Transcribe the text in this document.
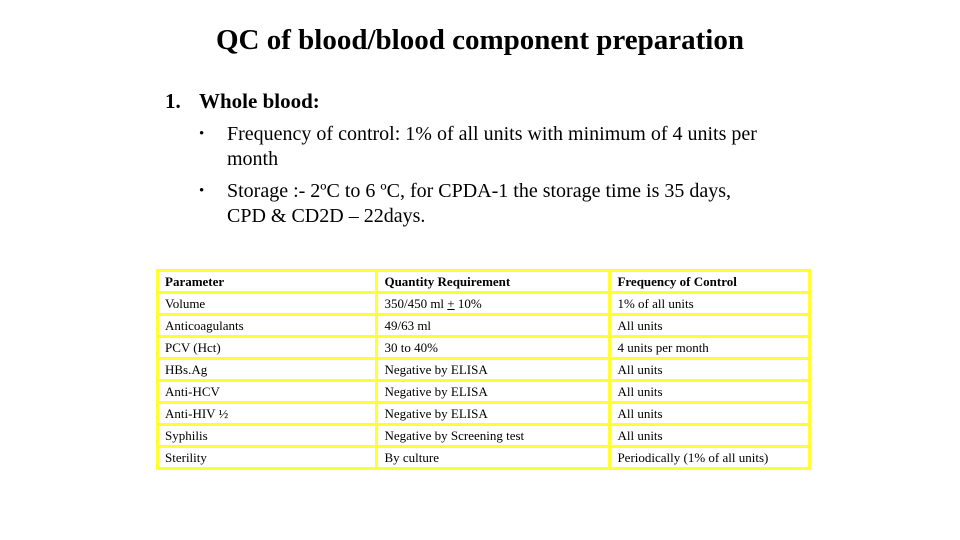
QC of blood/blood component preparation
1. Whole blood:
• Frequency of control: 1% of all units with minimum of 4 units per month
• Storage :- 2ºC to 6 ºC, for CPDA-1 the storage time is 35 days, CPD & CD2D – 22days.
Parameter	Quantity Requirement	Frequency of Control
Volume	350/450 ml + 10%	1% of all units
Anticoagulants	49/63 ml	All units
PCV (Hct)	30 to 40%	4 units per month
HBs.Ag	Negative by ELISA	All units
Anti-HCV	Negative by ELISA	All units
Anti-HIV ½	Negative by ELISA	All units
Syphilis	Negative by Screening test	All units
Sterility	By culture	Periodically (1% of all units)
